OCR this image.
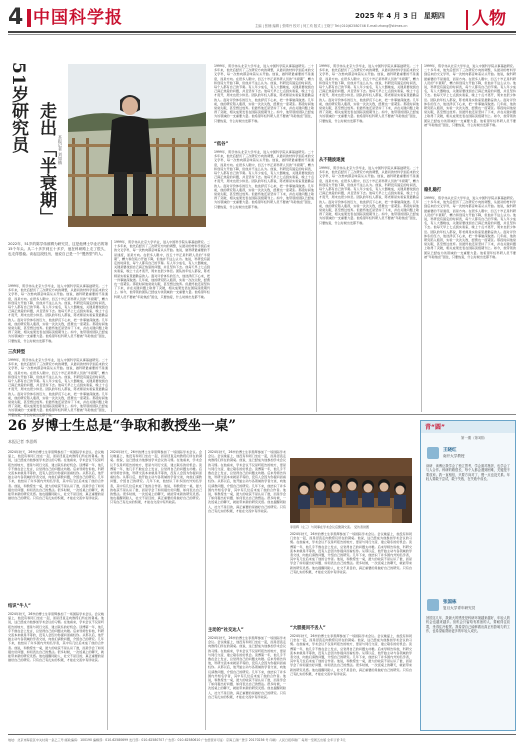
4 中国科学报	2025 年 4 月 3 日 星期四
主编 | 张楠 编辑 | 张晴丹 校对 | 何工劝 版式 | 王晓宁 Tel:(010)62580746 E-mail:zhang@stimes.cn	人物
51岁
研究员 走出
「半衰期」 本报记者 刘如楠
2022年，51岁的陈学伟被聘为研究员，这是他博士毕业后的第15个年头。从二十多岁到五十多岁，他在科研路上走了很久，也走得很稳。谈起这段经历，他说自己是一个“慢热型”的人。
1999年，陈学伟从北京大学毕业，进入中国科学院从事基础研究。二十多年来，他先后经历了三次研究方向的调整，从最初的材料学到后来的交叉学科，每一次转向都意味着从头开始。他说，做科研最重要的不是速度，而是方向。在很多人眼中，四五十岁正是科研人员的“半衰期”，精力和创造力开始下降，但他并不这么认为。他说，科研没有固定的时间表，每个人都有自己的节奏。有人年少成名，有人大器晚成，关键是要找到自己真正热爱的问题，并且坚持下去。他每天早上七点到实验室，晚上十点才离开，周末也很少休息。团队的年轻人都说，陈老师是实验室里最勤奋的人。面对评价体系的压力，他选择沉下心来，把一件事做深做透。几年前，他的研究陷入瓶颈，实验一次次失败，经费也一度紧张。那段时间他常常失眠，甚至想过放弃。但最终他还是坚持了下来，并在关键问题上取得了突破，相关成果发表在国际顶级期刊上。如今，他带领的团队已经成为该领域的一支重要力量。他希望年轻科研人员不要被“年龄焦虑”困住，只要热爱，什么时候出发都不晚。
三次转型
1999年，陈学伟从北京大学毕业，进入中国科学院从事基础研究。二十多年来，他先后经历了三次研究方向的调整，从最初的材料学到后来的交叉学科，每一次转向都意味着从头开始。他说，做科研最重要的不是速度，而是方向。在很多人眼中，四五十岁正是科研人员的“半衰期”，精力和创造力开始下降，但他并不这么认为。他说，科研没有固定的时间表，每个人都有自己的节奏。有人年少成名，有人大器晚成，关键是要找到自己真正热爱的问题，并且坚持下去。他每天早上七点到实验室，晚上十点才离开，周末也很少休息。团队的年轻人都说，陈老师是实验室里最勤奋的人。面对评价体系的压力，他选择沉下心来，把一件事做深做透。几年前，他的研究陷入瓶颈，实验一次次失败，经费也一度紧张。那段时间他常常失眠，甚至想过放弃。但最终他还是坚持了下来，并在关键问题上取得了突破，相关成果发表在国际顶级期刊上。如今，他带领的团队已经成为该领域的一支重要力量。他希望年轻科研人员不要被“年龄焦虑”困住，
1999年，陈学伟从北京大学毕业，进入中国科学院从事基础研究。二十多年来，他先后经历了三次研究方向的调整，从最初的材料学到后来的交叉学科，每一次转向都意味着从头开始。他说，做科研最重要的不是速度，而是方向。在很多人眼中，四五十岁正是科研人员的“半衰期”，精力和创造力开始下降，但他并不这么认为。他说，科研没有固定的时间表，每个人都有自己的节奏。有人年少成名，有人大器晚成，关键是要找到自己真正热爱的问题，并且坚持下去。他每天早上七点到实验室，晚上十点才离开，周末也很少休息。团队的年轻人都说，陈老师是实验室里最勤奋的人。面对评价体系的压力，他选择沉下心来，把一件事做深做透。几年前，他的研究陷入瓶颈，实验一次次失败，经费也一度紧张。那段时间他常常失眠，甚至想过放弃。但最终他还是坚持了下来，并在关键问题上取得了突破，相关成果发表在国际顶级期刊上。如今，他带领的团队已经成为该领域的一支重要力量。他希望年轻科研人员不要被“年龄焦虑”困住，只要热爱，什么时候出发都不晚。
1999年，陈学伟从北京大学毕业，进入中国科学院从事基础研究。二十多年来，他先后经历了三次研究方向的调整，从最初的材料学到后来的交叉学科，每一次转向都意味着从头开始。他说，做科研最重要的不是速度，而是方向。在很多人眼中，四五十岁正是科研人员的“半衰期”，精力和创造力开始下降，但他并不这么认为。他说，科研没有固定的时间表，每个人都有自己的节奏。有人年少成名，有人大器晚成，关键是要找到自己真正热爱的问题，并且坚持下去。他每天早上七点到实验室，晚上十点才离开，周末也很少休息。团队的年轻人都说，陈老师是实验室里最勤奋的人。面对评价体系的压力，他选择沉下心来，把一件事做深做透。几年前，他的研究陷入瓶颈，实验一次次失败，经费也一度紧张。那段时间他常常失眠，甚至想过放弃。但最终他还是坚持了下来，并在关键问题上取得了突破，相关成果发表在国际顶级期刊上。如今，他带领的团队已经成为该领域的一支重要力量。他希望年轻科研人员不要被“年龄焦虑”困住，只要热爱，什么时候出发都不晚。
“低谷”
1999年，陈学伟从北京大学毕业，进入中国科学院从事基础研究。二十多年来，他先后经历了三次研究方向的调整，从最初的材料学到后来的交叉学科，每一次转向都意味着从头开始。他说，做科研最重要的不是速度，而是方向。在很多人眼中，四五十岁正是科研人员的“半衰期”，精力和创造力开始下降，但他并不这么认为。他说，科研没有固定的时间表，每个人都有自己的节奏。有人年少成名，有人大器晚成，关键是要找到自己真正热爱的问题，并且坚持下去。他每天早上七点到实验室，晚上十点才离开，周末也很少休息。团队的年轻人都说，陈老师是实验室里最勤奋的人。面对评价体系的压力，他选择沉下心来，把一件事做深做透。几年前，他的研究陷入瓶颈，实验一次次失败，经费也一度紧张。那段时间他常常失眠，甚至想过放弃。但最终他还是坚持了下来，并在关键问题上取得了突破，相关成果发表在国际顶级期刊上。如今，他带领的团队已经成为该领域的一支重要力量。他希望年轻科研人员不要被“年龄焦虑”困住，只要热爱，什么时候出发都不晚。
1999年，陈学伟从北京大学毕业，进入中国科学院从事基础研究。二十多年来，他先后经历了三次研究方向的调整，从最初的材料学到后来的交叉学科，每一次转向都意味着从头开始。他说，做科研最重要的不是速度，而是方向。在很多人眼中，四五十岁正是科研人员的“半衰期”，精力和创造力开始下降，但他并不这么认为。他说，科研没有固定的时间表，每个人都有自己的节奏。有人年少成名，有人大器晚成，关键是要找到自己真正热爱的问题，并且坚持下去。他每天早上七点到实验室，晚上十点才离开，周末也很少休息。团队的年轻人都说，陈老师是实验室里最勤奋的人。面对评价体系的压力，他选择沉下心来，把一件事做深做透。几年前，他的研究陷入瓶颈，实验一次次失败，经费也一度紧张。那段时间他常常失眠，甚至想过放弃。但最终他还是坚持了下来，并在关键问题上取得了突破，相关成果发表在国际顶级期刊上。如今，他带领的团队已经成为该领域的一支重要力量。他希望年轻科研人员不要被“年龄焦虑”困住，只要热爱，什么时候出发都不晚。
从不随波逐流
1999年，陈学伟从北京大学毕业，进入中国科学院从事基础研究。二十多年来，他先后经历了三次研究方向的调整，从最初的材料学到后来的交叉学科，每一次转向都意味着从头开始。他说，做科研最重要的不是速度，而是方向。在很多人眼中，四五十岁正是科研人员的“半衰期”，精力和创造力开始下降，但他并不这么认为。他说，科研没有固定的时间表，每个人都有自己的节奏。有人年少成名，有人大器晚成，关键是要找到自己真正热爱的问题，并且坚持下去。他每天早上七点到实验室，晚上十点才离开，周末也很少休息。团队的年轻人都说，陈老师是实验室里最勤奋的人。面对评价体系的压力，他选择沉下心来，把一件事做深做透。几年前，他的研究陷入瓶颈，实验一次次失败，经费也一度紧张。那段时间他常常失眠，甚至想过放弃。但最终他还是坚持了下来，并在关键问题上取得了突破，相关成果发表在国际顶级期刊上。如今，他带领的团队已经成为该领域的一支重要力量。他希望年轻科研人员不要被“年龄焦虑”困住，只要热爱，什么时候出发都不晚。
1999年，陈学伟从北京大学毕业，进入中国科学院从事基础研究。二十多年来，他先后经历了三次研究方向的调整，从最初的材料学到后来的交叉学科，每一次转向都意味着从头开始。他说，做科研最重要的不是速度，而是方向。在很多人眼中，四五十岁正是科研人员的“半衰期”，精力和创造力开始下降，但他并不这么认为。他说，科研没有固定的时间表，每个人都有自己的节奏。有人年少成名，有人大器晚成，关键是要找到自己真正热爱的问题，并且坚持下去。他每天早上七点到实验室，晚上十点才离开，周末也很少休息。团队的年轻人都说，陈老师是实验室里最勤奋的人。面对评价体系的压力，他选择沉下心来，把一件事做深做透。几年前，他的研究陷入瓶颈，实验一次次失败，经费也一度紧张。那段时间他常常失眠，甚至想过放弃。但最终他还是坚持了下来，并在关键问题上取得了突破，相关成果发表在国际顶级期刊上。如今，他带领的团队已经成为该领域的一支重要力量。他希望年轻科研人员不要被“年龄焦虑”困住，只要热爱，什么时候出发都不晚。
稳扎稳打
1999年，陈学伟从北京大学毕业，进入中国科学院从事基础研究。二十多年来，他先后经历了三次研究方向的调整，从最初的材料学到后来的交叉学科，每一次转向都意味着从头开始。他说，做科研最重要的不是速度，而是方向。在很多人眼中，四五十岁正是科研人员的“半衰期”，精力和创造力开始下降，但他并不这么认为。他说，科研没有固定的时间表，每个人都有自己的节奏。有人年少成名，有人大器晚成，关键是要找到自己真正热爱的问题，并且坚持下去。他每天早上七点到实验室，晚上十点才离开，周末也很少休息。团队的年轻人都说，陈老师是实验室里最勤奋的人。面对评价体系的压力，他选择沉下心来，把一件事做深做透。几年前，他的研究陷入瓶颈，实验一次次失败，经费也一度紧张。那段时间他常常失眠，甚至想过放弃。但最终他还是坚持了下来，并在关键问题上取得了突破，相关成果发表在国际顶级期刊上。如今，他带领的团队已经成为该领域的一支重要力量。他希望年轻科研人员不要被“年龄焦虑”困住，只要热爱，什么时候出发都不晚。
26 岁博士生总是“争取和教授坐一桌”
本报记者 李思辉
2024年秋天，26岁的博士生李思辉参加了一场国际学术会议。会议晚宴上，他没有和同门坐在一起，而是径直走向教授们所在的餐桌。他说，这已经成为他参加学术会议的习惯。在他看来，学术会议不仅是听报告的地方，更是与同行交流、建立联系的好机会。读博第一年，他几乎不敢在会上发言，总觉得自己的问题太幼稚。后来导师告诉他，科研交流本来就是平等的，没有人会因为你提问而看轻你。从那以后，他开始主动与各领域的学者交谈，向他们请教问题，介绍自己的研究。几年下来，他结识了许多国内外知名学者，其中有几位后来成了他的合作者。他说，和教授坐一桌，最大的收获不是认识了谁，而是学会了如何提出好问题、如何表达自己的想法。很多时候，一次饭桌上的聊天，就能带来新的研究灵感。他也提醒同龄人，社交不是目的，真正重要的是做好自己的研究。只有自己有扎实的积累，才能在交流中有所收获。
结识“牛人”
2024年秋天，26岁的博士生李思辉参加了一场国际学术会议。会议晚宴上，他没有和同门坐在一起，而是径直走向教授们所在的餐桌。他说，这已经成为他参加学术会议的习惯。在他看来，学术会议不仅是听报告的地方，更是与同行交流、建立联系的好机会。读博第一年，他几乎不敢在会上发言，总觉得自己的问题太幼稚。后来导师告诉他，科研交流本来就是平等的，没有人会因为你提问而看轻你。从那以后，他开始主动与各领域的学者交谈，向他们请教问题，介绍自己的研究。几年下来，他结识了许多国内外知名学者，其中有几位后来成了他的合作者。他说，和教授坐一桌，最大的收获不是认识了谁，而是学会了如何提出好问题、如何表达自己的想法。很多时候，一次饭桌上的聊天，就能带来新的研究灵感。他也提醒同龄人，社交不是目的，真正重要的是做好自己的研究。只有自己有扎实的积累，才能在交流中有所收获。
2024年秋天，26岁的博士生李思辉参加了一场国际学术会议。会议晚宴上，他没有和同门坐在一起，而是径直走向教授们所在的餐桌。他说，这已经成为他参加学术会议的习惯。在他看来，学术会议不仅是听报告的地方，更是与同行交流、建立联系的好机会。读博第一年，他几乎不敢在会上发言，总觉得自己的问题太幼稚。后来导师告诉他，科研交流本来就是平等的，没有人会因为你提问而看轻你。从那以后，他开始主动与各领域的学者交谈，向他们请教问题，介绍自己的研究。几年下来，他结识了许多国内外知名学者，其中有几位后来成了他的合作者。他说，和教授坐一桌，最大的收获不是认识了谁，而是学会了如何提出好问题、如何表达自己的想法。很多时候，一次饭桌上的聊天，就能带来新的研究灵感。他也提醒同龄人，社交不是目的，真正重要的是做好自己的研究。只有自己有扎实的积累，才能在交流中有所收获。
2024年秋天，26岁的博士生李思辉参加了一场国际学术会议。会议晚宴上，他没有和同门坐在一起，而是径直走向教授们所在的餐桌。他说，这已经成为他参加学术会议的习惯。在他看来，学术会议不仅是听报告的地方，更是与同行交流、建立联系的好机会。读博第一年，他几乎不敢在会上发言，总觉得自己的问题太幼稚。后来导师告诉他，科研交流本来就是平等的，没有人会因为你提问而看轻你。从那以后，他开始主动与各领域的学者交谈，向他们请教问题，介绍自己的研究。几年下来，他结识了许多国内外知名学者，其中有几位后来成了他的合作者。他说，和教授坐一桌，最大的收获不是认识了谁，而是学会了如何提出好问题、如何表达自己的想法。很多时候，一次饭桌上的聊天，就能带来新的研究灵感。他也提醒同龄人，社交不是目的，真正重要的是做好自己的研究。只有自己有扎实的积累，才能在交流中有所收获。
主动的“社交达人”
2024年秋天，26岁的博士生李思辉参加了一场国际学术会议。会议晚宴上，他没有和同门坐在一起，而是径直走向教授们所在的餐桌。他说，这已经成为他参加学术会议的习惯。在他看来，学术会议不仅是听报告的地方，更是与同行交流、建立联系的好机会。读博第一年，他几乎不敢在会上发言，总觉得自己的问题太幼稚。后来导师告诉他，科研交流本来就是平等的，没有人会因为你提问而看轻你。从那以后，他开始主动与各领域的学者交谈，向他们请教问题，介绍自己的研究。几年下来，他结识了许多国内外知名学者，其中有几位后来成了他的合作者。他说，和教授坐一桌，最大的收获不是认识了谁，而是学会了如何提出好问题、如何表达自己的想法。很多时候，一次饭桌上的聊天，就能带来新的研究灵感。他也提醒同龄人，社交不是目的，真正重要的是做好自己的研究。只有自己有扎实的积累，才能在交流中有所收获。
李思辉（左三）与同事在学术会议后聚餐交流。 受访者供图
2024年秋天，26岁的博士生李思辉参加了一场国际学术会议。会议晚宴上，他没有和同门坐在一起，而是径直走向教授们所在的餐桌。他说，这已经成为他参加学术会议的习惯。在他看来，学术会议不仅是听报告的地方，更是与同行交流、建立联系的好机会。读博第一年，他几乎不敢在会上发言，总觉得自己的问题太幼稚。后来导师告诉他，科研交流本来就是平等的，没有人会因为你提问而看轻你。从那以后，他开始主动与各领域的学者交谈，向他们请教问题，介绍自己的研究。几年下来，他结识了许多国内外知名学者，其中有几位后来成了他的合作者。他说，和教授坐一桌，最大的收获不是认识了谁，而是学会了如何提出好问题、如何表达自己的想法。很多时候，一次饭桌上的聊天，就能带来新的研究灵感。他也提醒同龄人，社交不是目的，真正重要的是做好自己的研究。只有自己有扎实的积累，才能在交流中有所收获。
“大胆提问不丢人”
2024年秋天，26岁的博士生李思辉参加了一场国际学术会议。会议晚宴上，他没有和同门坐在一起，而是径直走向教授们所在的餐桌。他说，这已经成为他参加学术会议的习惯。在他看来，学术会议不仅是听报告的地方，更是与同行交流、建立联系的好机会。读博第一年，他几乎不敢在会上发言，总觉得自己的问题太幼稚。后来导师告诉他，科研交流本来就是平等的，没有人会因为你提问而看轻你。从那以后，他开始主动与各领域的学者交谈，向他们请教问题，介绍自己的研究。几年下来，他结识了许多国内外知名学者，其中有几位后来成了他的合作者。他说，和教授坐一桌，最大的收获不是认识了谁，而是学会了如何提出好问题、如何表达自己的想法。很多时候，一次饭桌上的聊天，就能带来新的研究灵感。他也提醒同龄人，社交不是目的，真正重要的是做好自己的研究。只有自己有扎实的积累，才能在交流中有所收获。
青“圆”
第一期（第3期）
王晓红
南开大学教授
读研、读博让我学会了独立思考，学会面对挫折，也学会了与人合作。科研的路很长，每个人都会遇到困难，关键是不要放弃。我一直相信，只要方向对了，慢一点也没关系。年轻人要敢于尝试，敢于失败，在失败中成长。
张国栋
复旦大学青年研究员
回国这几年，我最大的感受是科研环境越来越好，年轻人的机会也越来越多。但机会只留给有准备的人，要耐得住寂寞，坐得住冷板凳。我希望自己能够做出真正有影响力的工作，也希望能帮助更多的年轻人成长。
地址：北京市海淀区中关村南一条乙三号 邮政编码：100190 编辑部：010-62580699 发行部：010-62580707 广告部：010-62580610 广告经营许可证：京海工商广登字 20170236 号 印刷：人民日报印刷厂 每周一至周五出版 全年订价 3元
